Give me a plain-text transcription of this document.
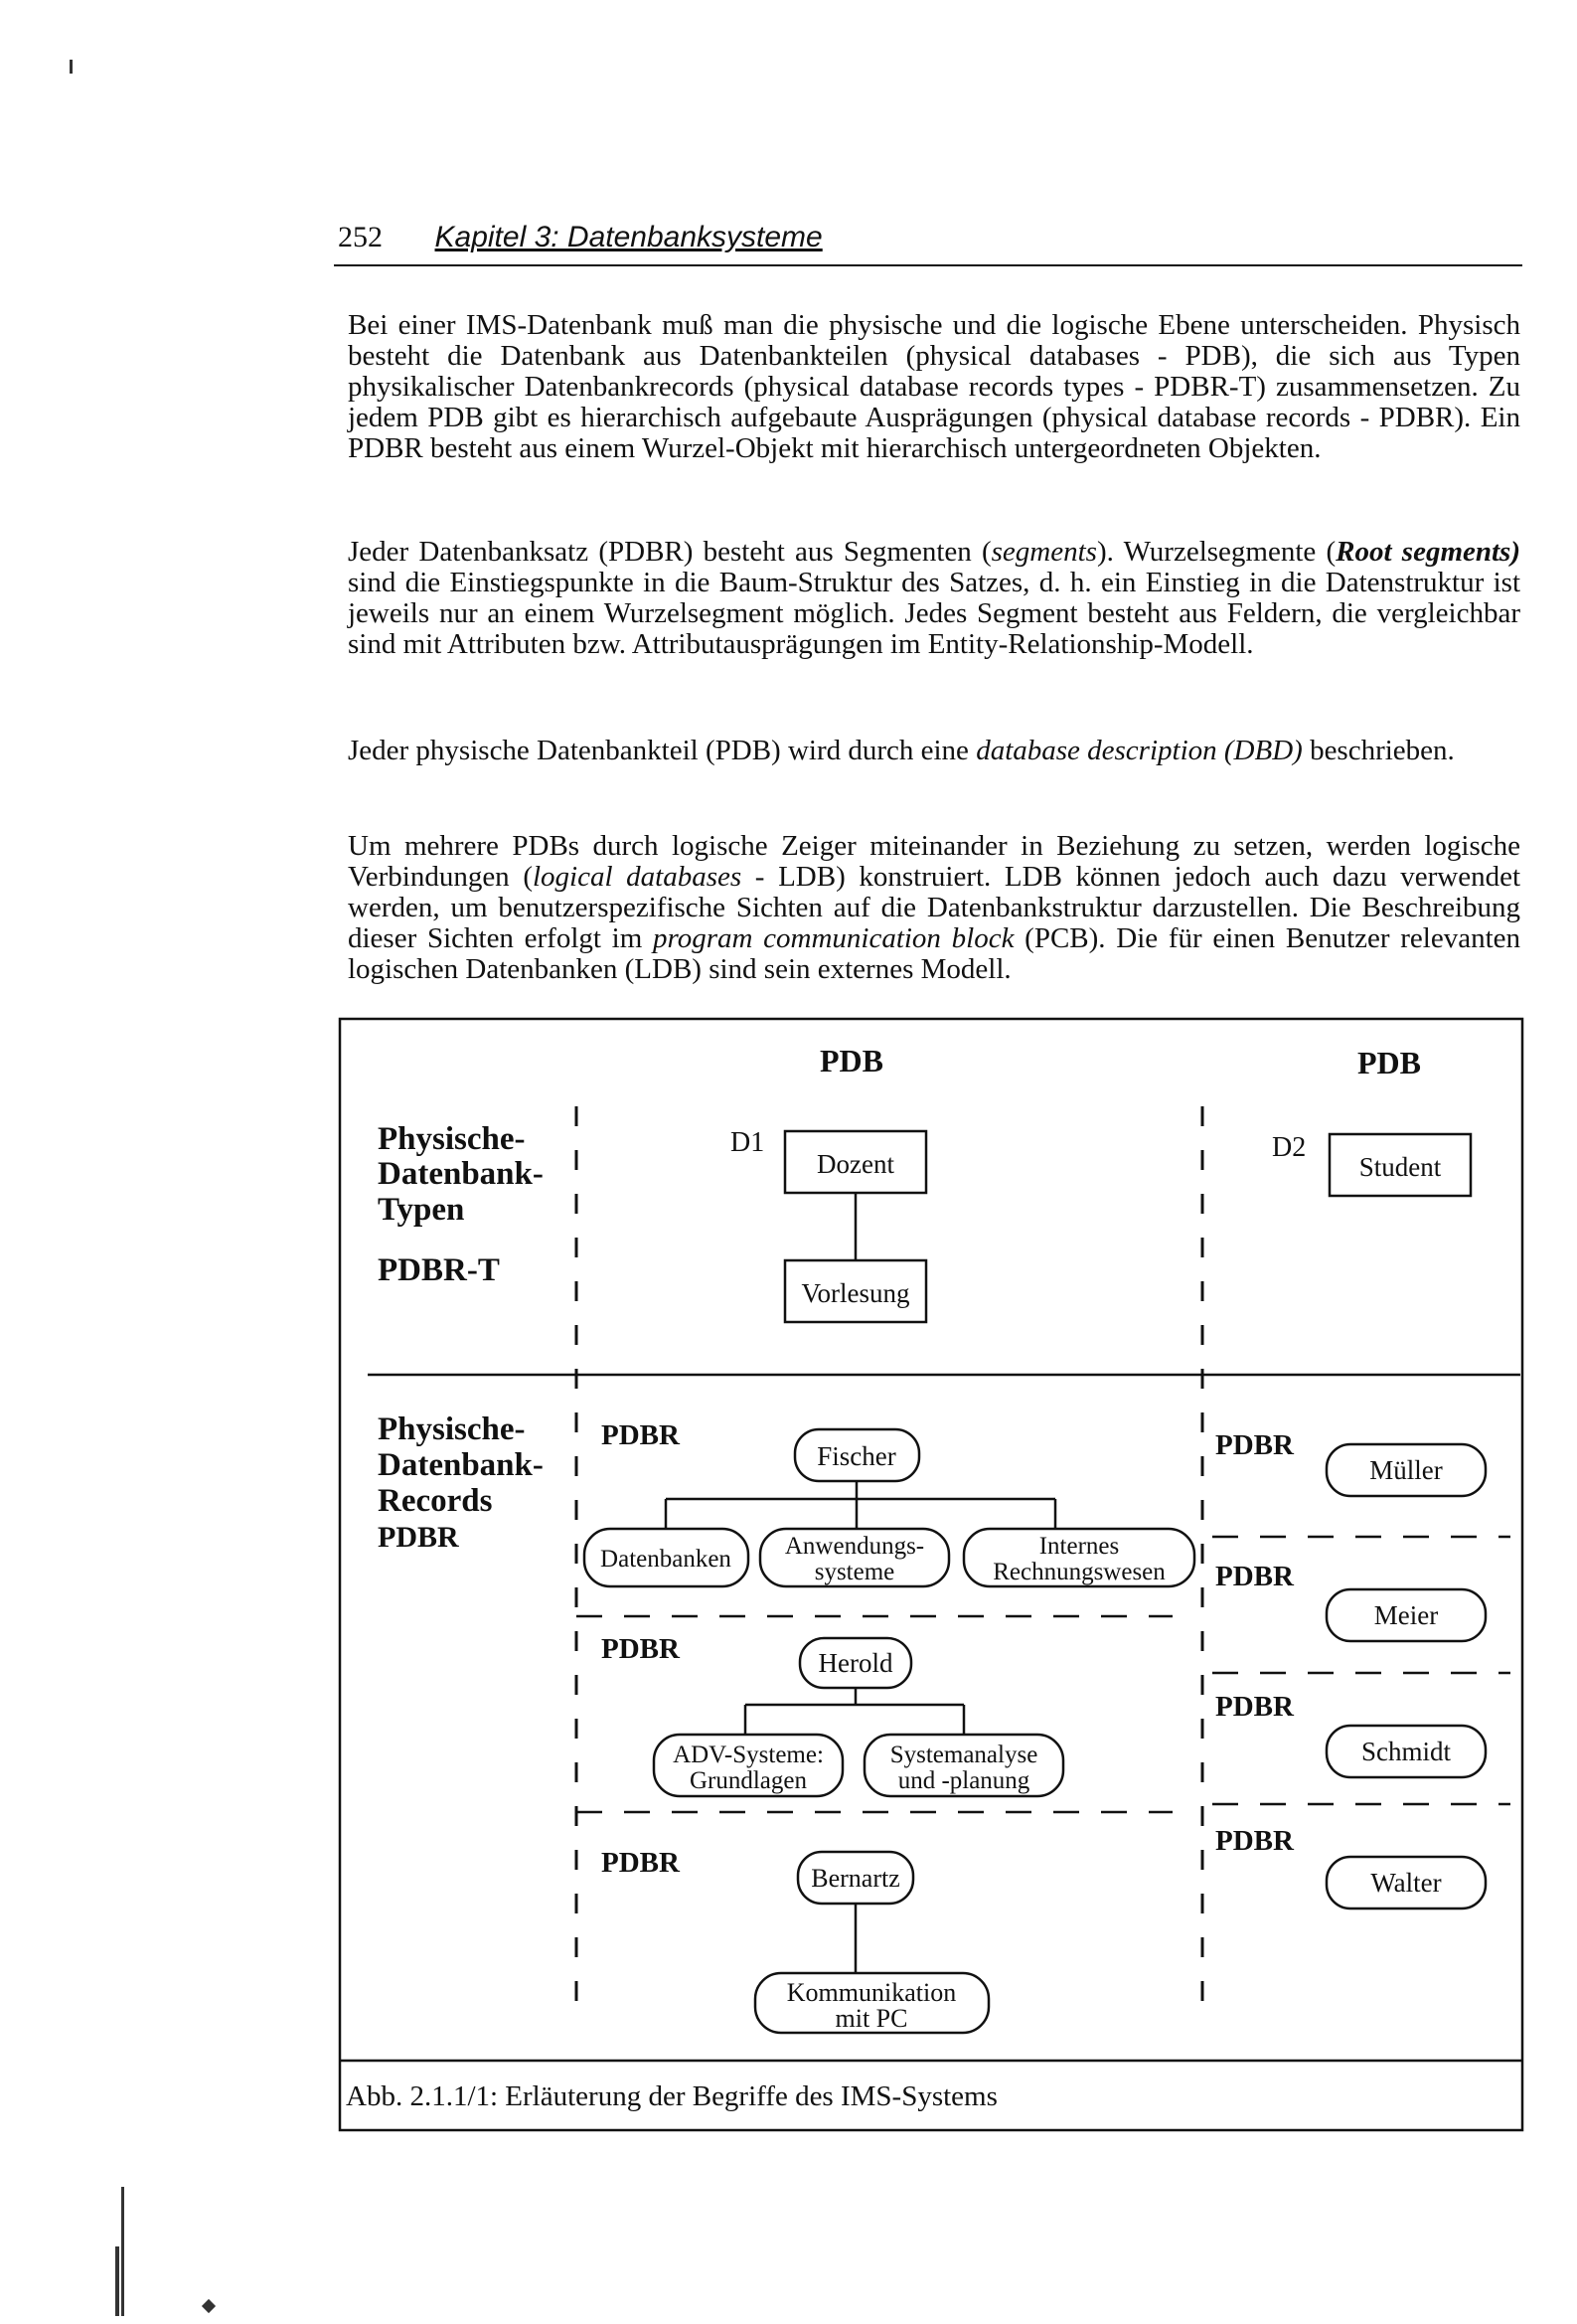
252 Kapitel 3: Datenbanksysteme

Bei einer IMS-Datenbank muß man die physische und die logische Ebene unterscheiden. Physisch besteht die Datenbank aus Datenbankteilen (physical databases - PDB), die sich aus Typen physikalischer Datenbankrecords (physical database records types - PDBR-T) zusammensetzen. Zu jedem PDB gibt es hierarchisch aufgebaute Ausprägungen (physical database records - PDBR). Ein PDBR besteht aus einem Wurzel-Objekt mit hierarchisch untergeordneten Objekten.

Jeder Datenbanksatz (PDBR) besteht aus Segmenten (segments). Wurzelsegmente (Root segments) sind die Einstiegspunkte in die Baum-Struktur des Satzes, d. h. ein Einstieg in die Datenstruktur ist jeweils nur an einem Wurzelsegment möglich. Jedes Segment besteht aus Feldern, die vergleichbar sind mit Attributen bzw. Attributausprägungen im Entity-Relationship-Modell.

Jeder physische Datenbankteil (PDB) wird durch eine database description (DBD) beschrieben.

Um mehrere PDBs durch logische Zeiger miteinander in Beziehung zu setzen, werden logische Verbindungen (logical databases - LDB) konstruiert. LDB können jedoch auch dazu verwendet werden, um benutzerspezifische Sichten auf die Datenbankstruktur darzustellen. Die Beschreibung dieser Sichten erfolgt im program communication block (PCB). Die für einen Benutzer relevanten logischen Datenbanken (LDB) sind sein externes Modell.

PDB	PDB
Physische-
Datenbank-
Typen
PDBR-T
Physische-
Datenbank-
Records
PDBR
D1
Dozent
Vorlesung
D2
Student
PDBR
Fischer
Datenbanken Anwendungs-
systeme
Internes
Rechnungswesen
PDBR	Herold
ADV-Systeme:
Grundlagen
Systemanalyse
und -planung
PDBR	Bernartz
Kommunikation
mit PC
PDBR
PDBR
PDBR
PDBR
Müller
Meier
Schmidt
Walter
Abb. 2.1.1/1: Erläuterung der Begriffe des IMS-Systems
